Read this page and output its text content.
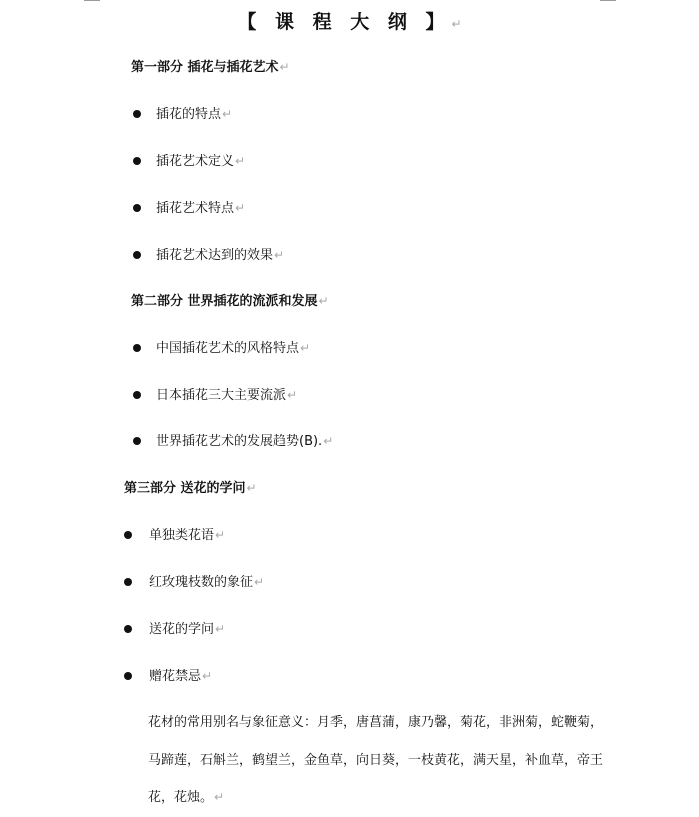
【 课 程 大 纲 】↵
第一部分 插花与插花艺术↵
插花的特点↵
插花艺术定义↵
插花艺术特点↵
插花艺术达到的效果↵
第二部分 世界插花的流派和发展↵
中国插花艺术的风格特点↵
日本插花三大主要流派↵
世界插花艺术的发展趋势(B).↵
第三部分 送花的学问↵
单独类花语↵
红玫瑰枝数的象征↵
送花的学问↵
赠花禁忌↵
花材的常用别名与象征意义：月季，唐菖蒲，康乃馨，菊花，非洲菊，蛇鞭菊，马蹄莲，石斛兰，鹤望兰，金鱼草，向日葵，一枝黄花，满天星，补血草，帝王花，花烛。↵
